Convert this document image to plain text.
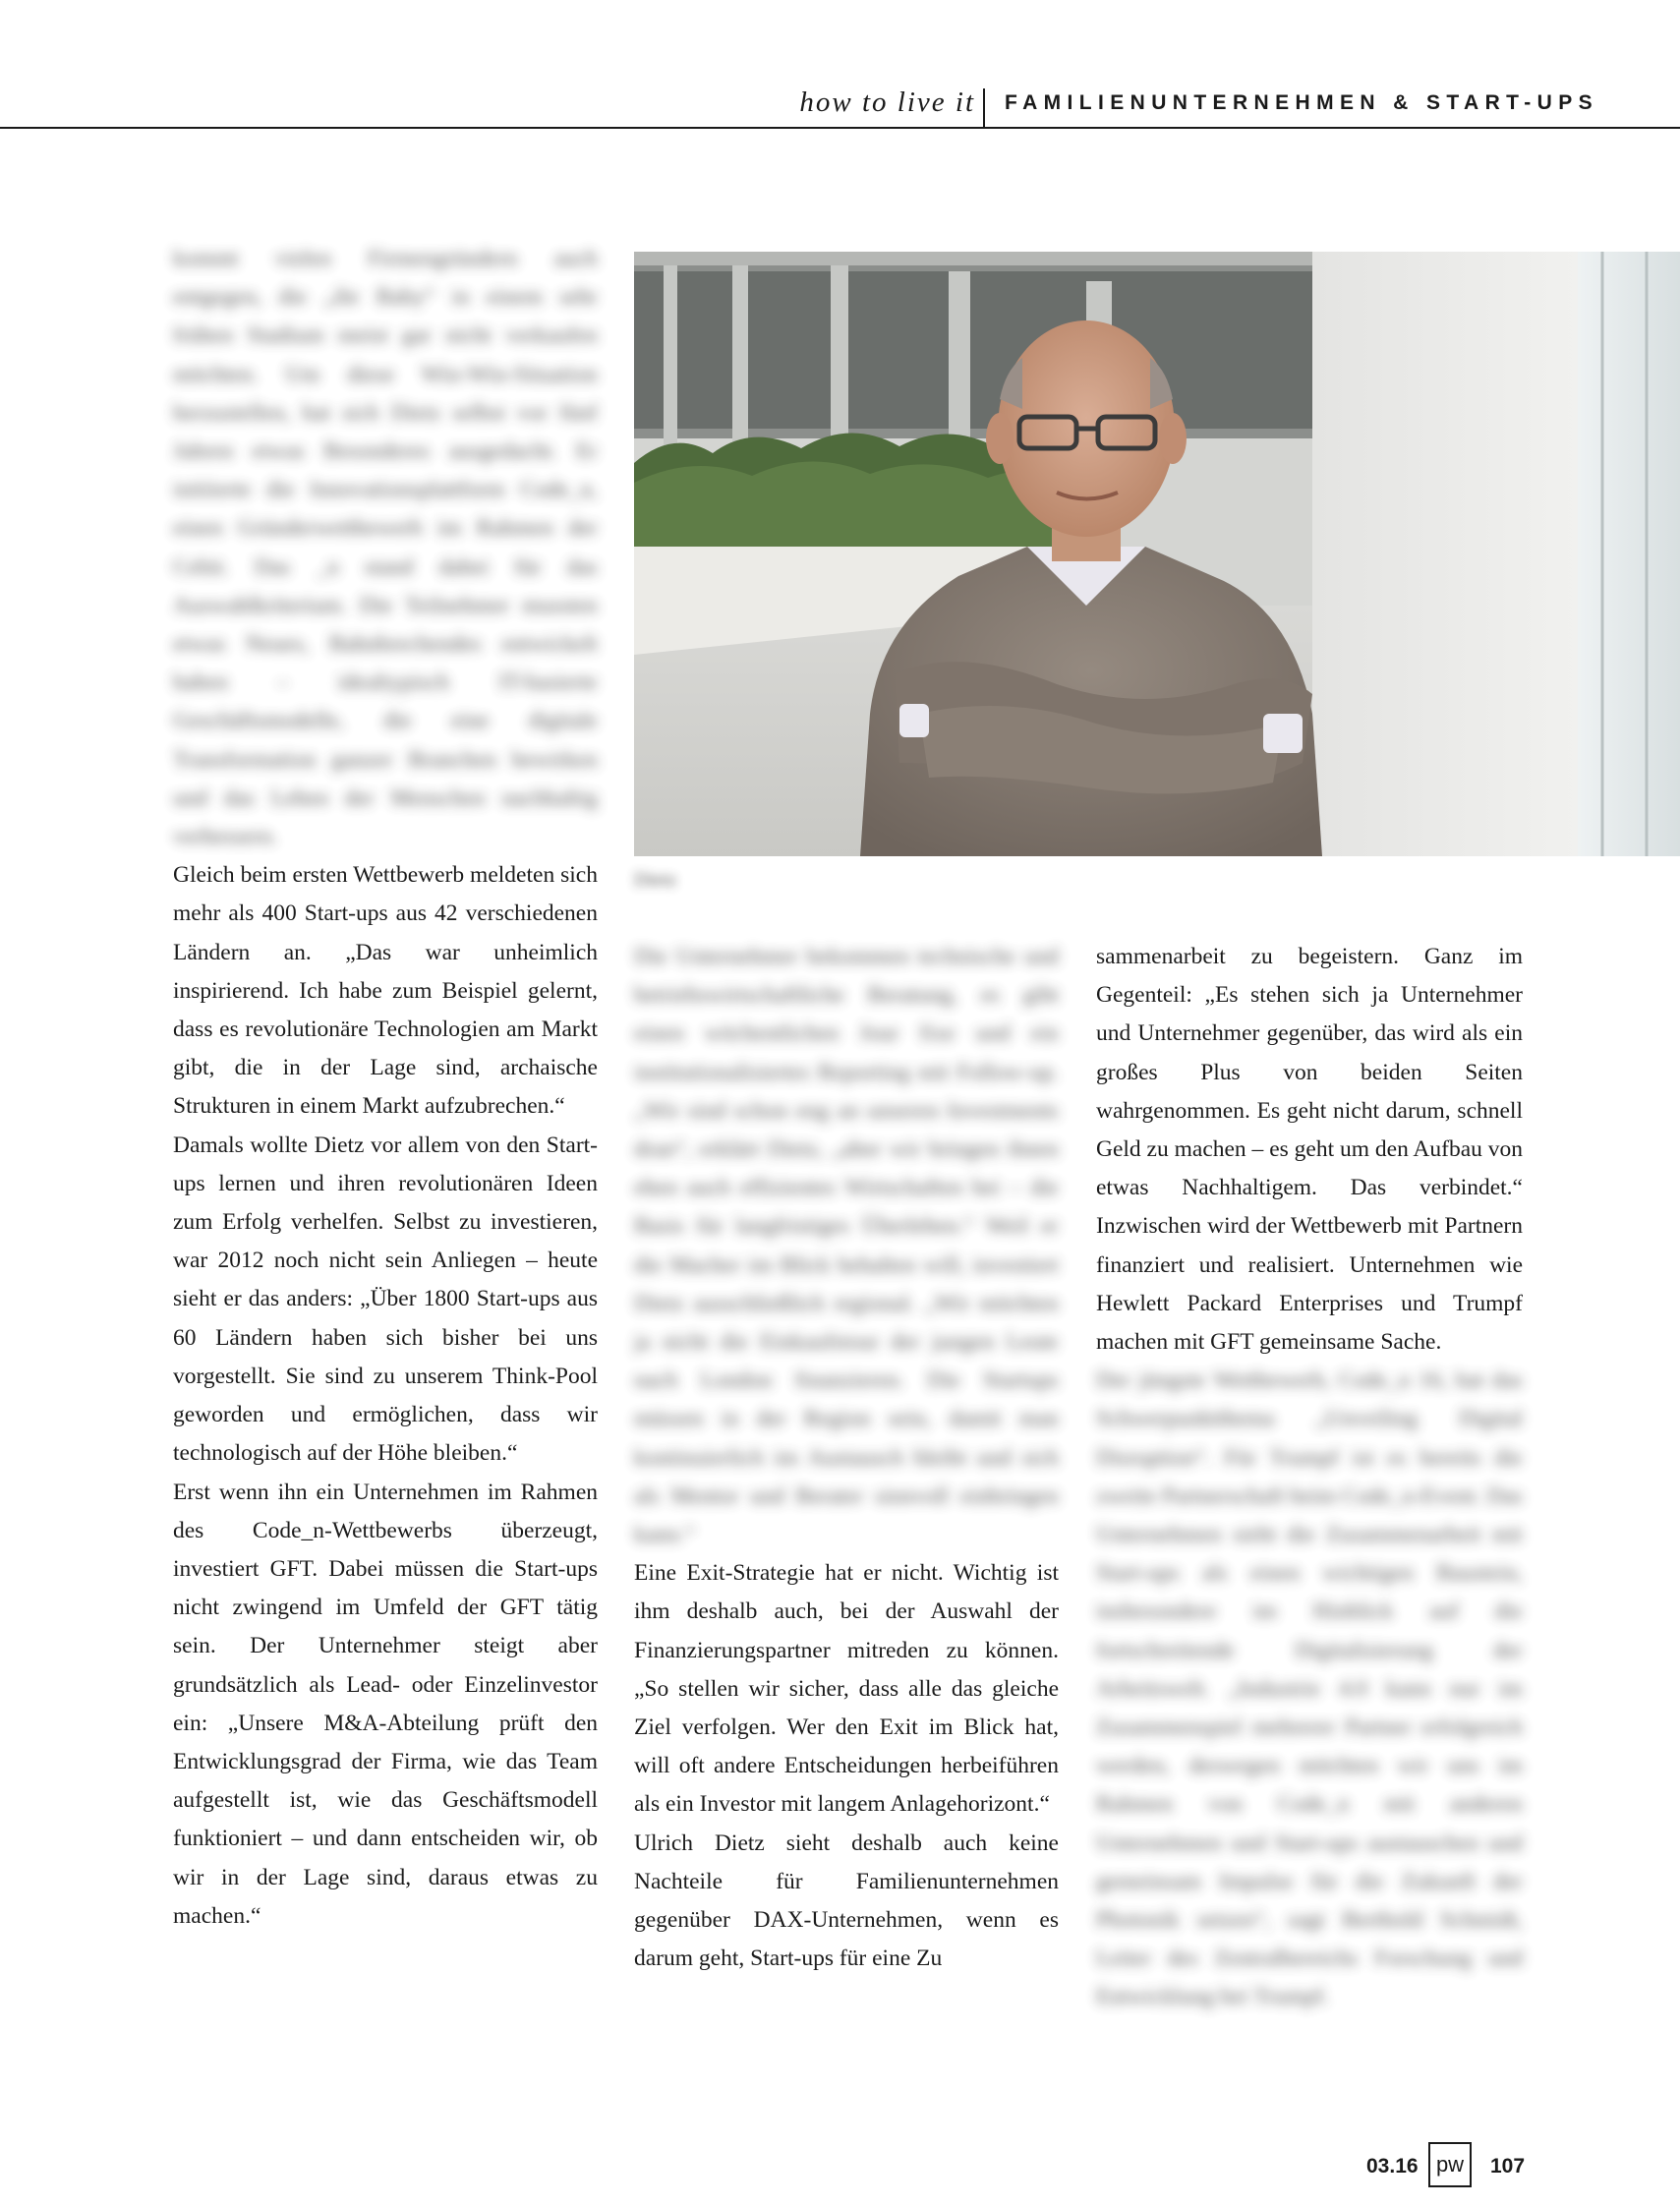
how to live it FAMILIENUNTERNEHMEN & START-UPS

kommt vielen Firmengründern auch entgegen, die „ihr Baby“ in einem sehr frühen Stadium meist gar nicht verkaufen möchten. Um diese Win-Win-Situation herzustellen, hat sich Dietz selbst vor fünf Jahren etwas Besonderes ausgedacht. Er initiierte die Innovationsplattform Code_n, einen Gründerwettbewerb im Rahmen der Cebit. Das _n stand dabei für das Auswahlkriterium. Die Teilnehmer mussten etwas Neues, Bahnbrechendes entwickelt haben – idealtypisch IT-basierte Geschäftsmodelle, die eine digitale Transformation ganzer Branchen bewirken und das Leben der Menschen nachhaltig verbessern.

Gleich beim ersten Wettbewerb meldeten sich mehr als 400 Start-ups aus 42 verschiedenen Ländern an. „Das war unheimlich inspirierend. Ich habe zum Beispiel gelernt, dass es revolutionäre Technologien am Markt gibt, die in der Lage sind, archaische Strukturen in einem Markt aufzubrechen.“

Damals wollte Dietz vor allem von den Start-ups lernen und ihren revolutionären Ideen zum Erfolg verhelfen. Selbst zu investieren, war 2012 noch nicht sein Anliegen – heute sieht er das anders: „Über 1800 Start-ups aus 60 Ländern haben sich bisher bei uns vorgestellt. Sie sind zu unserem Think-Pool geworden und ermöglichen, dass wir technologisch auf der Höhe bleiben.“

Erst wenn ihn ein Unternehmen im Rahmen des Code_n-Wettbewerbs überzeugt, investiert GFT. Dabei müssen die Start-ups nicht zwingend im Umfeld der GFT tätig sein. Der Unternehmer steigt aber grundsätzlich als Lead- oder Einzelinvestor ein: „Unsere M&A-Abteilung prüft den Entwicklungsgrad der Firma, wie das Team aufgestellt ist, wie das Geschäftsmodell funktioniert – und dann entscheiden wir, ob wir in der Lage sind, daraus etwas zu machen.“

Dietz

Die Unternehmer bekommen technische und betriebswirtschaftliche Beratung, es gibt einen wöchentlichen Jour fixe und ein institutionalisiertes Reporting mit Follow-up. „Wir sind schon eng an unseren Investments dran“, erklärt Dietz, „aber wir bringen ihnen eben auch effizientes Wirtschaften bei – die Basis für langfristiges Überleben.“ Weil er die Macher im Blick behalten will, investiert Dietz ausschließlich regional. „Wir möchten ja nicht die Einkaufstour der jungen Leute nach London finanzieren. Die Startups müssen in der Region sein, damit man kontinuierlich im Austausch bleibt und sich als Mentor und Berater sinnvoll einbringen kann.“

Eine Exit-Strategie hat er nicht. Wichtig ist ihm deshalb auch, bei der Auswahl der Finanzierungspartner mitreden zu können. „So stellen wir sicher, dass alle das gleiche Ziel verfolgen. Wer den Exit im Blick hat, will oft andere Entscheidungen herbeiführen als ein Investor mit langem Anlagehorizont.“

Ulrich Dietz sieht deshalb auch keine Nachteile für Familienunternehmen gegenüber DAX-Unternehmen, wenn es darum geht, Start-ups für eine Zu

sammenarbeit zu begeistern. Ganz im Gegenteil: „Es stehen sich ja Unternehmer und Unternehmer gegenüber, das wird als ein großes Plus von beiden Seiten wahrgenommen. Es geht nicht darum, schnell Geld zu machen – es geht um den Aufbau von etwas Nachhaltigem. Das verbindet.“ Inzwischen wird der Wettbewerb mit Partnern finanziert und realisiert. Unternehmen wie Hewlett Packard Enterprises und Trumpf machen mit GFT gemeinsame Sache.

Der jüngste Wettbewerb, Code_n 16, hat das Schwerpunktthema „Unveiling Digital Disruption“. Für Trumpf ist es bereits die zweite Partnerschaft beim Code_n-Event. Das Unternehmen sieht die Zusammenarbeit mit Start-ups als einen wichtigen Baustein, insbesondere im Hinblick auf die fortschreitende Digitalisierung der Arbeitswelt. „Industrie 4.0 kann nur im Zusammenspiel mehrerer Partner erfolgreich werden, deswegen möchten wir uns im Rahmen von Code_n mit anderen Unternehmen und Start-ups austauschen und gemeinsam Impulse für die Zukunft der Photonik setzen“, sagt Berthold Schmidt, Leiter des Zentralbereichs Forschung und Entwicklung bei Trumpf.

03.16 pw	107
